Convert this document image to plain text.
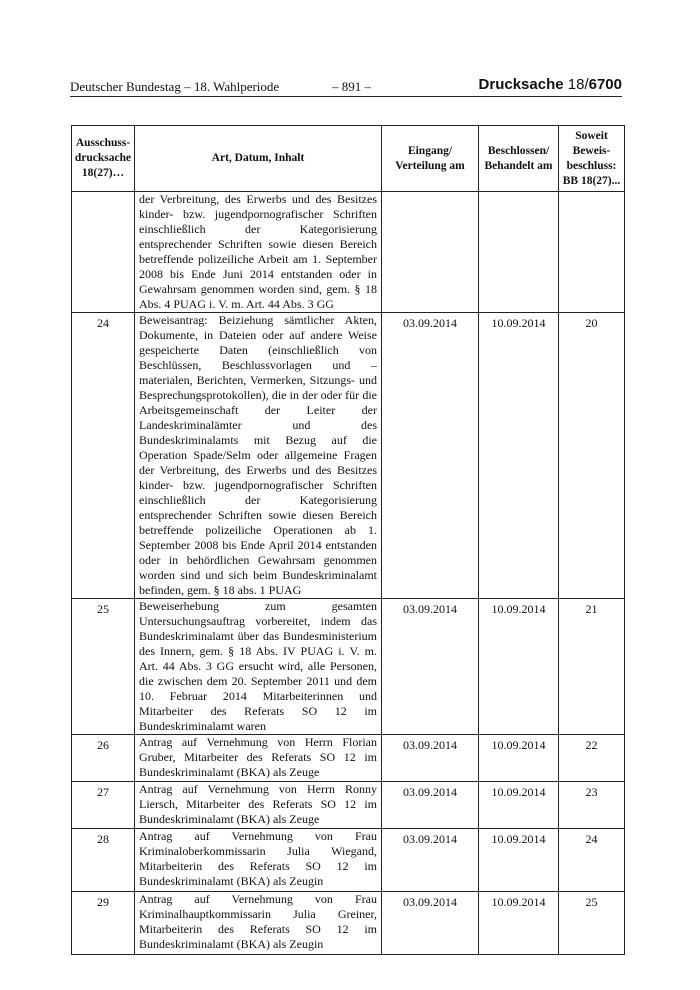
Deutscher Bundestag – 18. Wahlperiode	– 891 –	Drucksache 18/6700
Ausschuss-drucksache 18(27)…	Art, Datum, Inhalt	Eingang/ Verteilung am	Beschlossen/ Behandelt am	Soweit Beweis-beschluss:
BB 18(27)...
	der Verbreitung, des Erwerbs und des Besitzes kinder- bzw. jugendpornografischer Schriften einschließlich der Kategorisierung entsprechender Schriften sowie diesen Bereich betreffende polizeiliche Arbeit am 1. September 2008 bis Ende Juni 2014 entstanden oder in Gewahrsam genommen worden sind, gem. § 18 Abs. 4 PUAG i. V. m. Art. 44 Abs. 3 GG			
24	Beweisantrag: Beiziehung sämtlicher Akten, Dokumente, in Dateien oder auf andere Weise gespeicherte Daten (einschließlich von Beschlüssen, Beschlussvorlagen und –materialen, Berichten, Vermerken, Sitzungs- und Besprechungsprotokollen), die in der oder für die Arbeitsgemeinschaft der Leiter der Landeskriminalämter und des Bundeskriminalamts mit Bezug auf die Operation Spade/Selm oder allgemeine Fragen der Verbreitung, des Erwerbs und des Besitzes kinder- bzw. jugendpornografischer Schriften einschließlich der Kategorisierung entsprechender Schriften sowie diesen Bereich betreffende polizeiliche Operationen ab 1. September 2008 bis Ende April 2014 entstanden oder in behördlichen Gewahrsam genommen worden sind und sich beim Bundeskriminalamt befinden, gem. § 18 abs. 1 PUAG	03.09.2014	10.09.2014	20
25	Beweiserhebung zum gesamten Untersuchungsauftrag vorbereitet, indem das Bundeskriminalamt über das Bundesministerium des Innern, gem. § 18 Abs. IV PUAG i. V. m. Art. 44 Abs. 3 GG ersucht wird, alle Personen, die zwischen dem 20. September 2011 und dem 10. Februar 2014 Mitarbeiterinnen und Mitarbeiter des Referats SO 12 im Bundeskriminalamt waren	03.09.2014	10.09.2014	21
26	Antrag auf Vernehmung von Herrn Florian Gruber, Mitarbeiter des Referats SO 12 im Bundeskriminalamt (BKA) als Zeuge	03.09.2014	10.09.2014	22
27	Antrag auf Vernehmung von Herrn Ronny Liersch, Mitarbeiter des Referats SO 12 im Bundeskriminalamt (BKA) als Zeuge	03.09.2014	10.09.2014	23
28	Antrag auf Vernehmung von Frau Kriminaloberkommissarin Julia Wiegand, Mitarbeiterin des Referats SO 12 im Bundeskriminalamt (BKA) als Zeugin	03.09.2014	10.09.2014	24
29	Antrag auf Vernehmung von Frau Kriminalhauptkommissarin Julia Greiner, Mitarbeiterin des Referats SO 12 im Bundeskriminalamt (BKA) als Zeugin	03.09.2014	10.09.2014	25
